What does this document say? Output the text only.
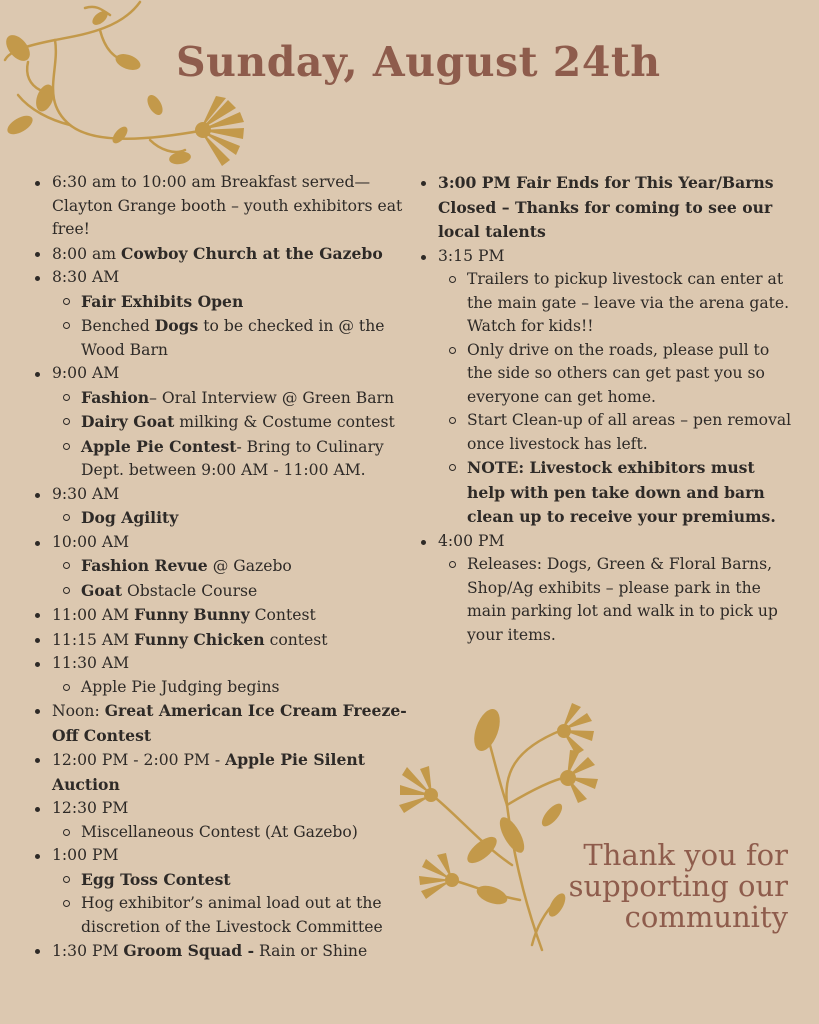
Sunday, August 24th
6:30 am to 10:00 am Breakfast served—Clayton Grange booth – youth exhibitors eat free!
8:00 am Cowboy Church at the Gazebo
8:30 AM
Fair Exhibits Open
Benched Dogs to be checked in @ the Wood Barn
9:00 AM
Fashion– Oral Interview @ Green Barn
Dairy Goat milking & Costume contest
Apple Pie Contest- Bring to Culinary Dept. between 9:00 AM - 11:00 AM.
9:30 AM
Dog Agility
10:00 AM
Fashion Revue @ Gazebo
Goat Obstacle Course
11:00 AM Funny Bunny Contest
11:15 AM Funny Chicken contest
11:30 AM
Apple Pie Judging begins
Noon: Great American Ice Cream Freeze-Off Contest
12:00 PM - 2:00 PM - Apple Pie Silent Auction
12:30 PM
Miscellaneous Contest (At Gazebo)
1:00 PM
Egg Toss Contest
Hog exhibitor’s animal load out at the discretion of the Livestock Committee
1:30 PM Groom Squad - Rain or Shine
3:00 PM Fair Ends for This Year/Barns Closed – Thanks for coming to see our local talents
3:15 PM
Trailers to pickup livestock can enter at the main gate – leave via the arena gate. Watch for kids!!
Only drive on the roads, please pull to the side so others can get past you so everyone can get home.
Start Clean-up of all areas – pen removal once livestock has left.
NOTE: Livestock exhibitors must help with pen take down and barn clean up to receive your premiums.
4:00 PM
Releases: Dogs, Green & Floral Barns, Shop/Ag exhibits – please park in the main parking lot and walk in to pick up your items.
Thank you for
supporting our
community
